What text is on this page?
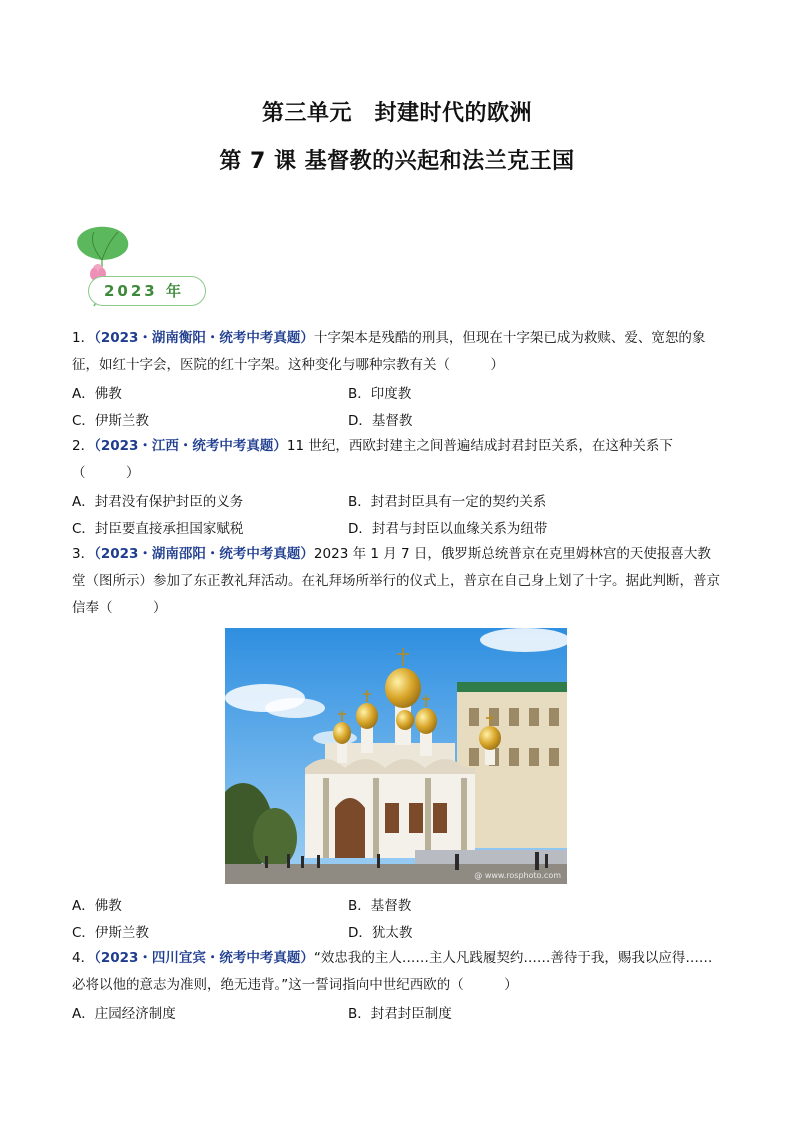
第三单元　封建时代的欧洲
第 7 课 基督教的兴起和法兰克王国
2023 年
1．（2023・湖南衡阳・统考中考真题）十字架本是残酷的刑具，但现在十字架已成为救赎、爱、宽恕的象征，如红十字会，医院的红十字架。这种变化与哪种宗教有关（　　　）
A．佛教	B．印度教
C．伊斯兰教	D．基督教
2．（2023・江西・统考中考真题）11 世纪，西欧封建主之间普遍结成封君封臣关系，在这种关系下（　　　）
A．封君没有保护封臣的义务	B．封君封臣具有一定的契约关系
C．封臣要直接承担国家赋税	D．封君与封臣以血缘关系为纽带
3．（2023・湖南邵阳・统考中考真题）2023 年 1 月 7 日，俄罗斯总统普京在克里姆林宫的天使报喜大教堂（图所示）参加了东正教礼拜活动。在礼拜场所举行的仪式上，普京在自己身上划了十字。据此判断，普京信奉（　　　）
@ www.rosphoto.com
A．佛教	B．基督教
C．伊斯兰教	D．犹太教
4．（2023・四川宜宾・统考中考真题）“效忠我的主人……主人凡践履契约……善待于我，赐我以应得……必将以他的意志为准则，绝无违背。”这一誓词指向中世纪西欧的（　　　）
A．庄园经济制度	B．封君封臣制度
